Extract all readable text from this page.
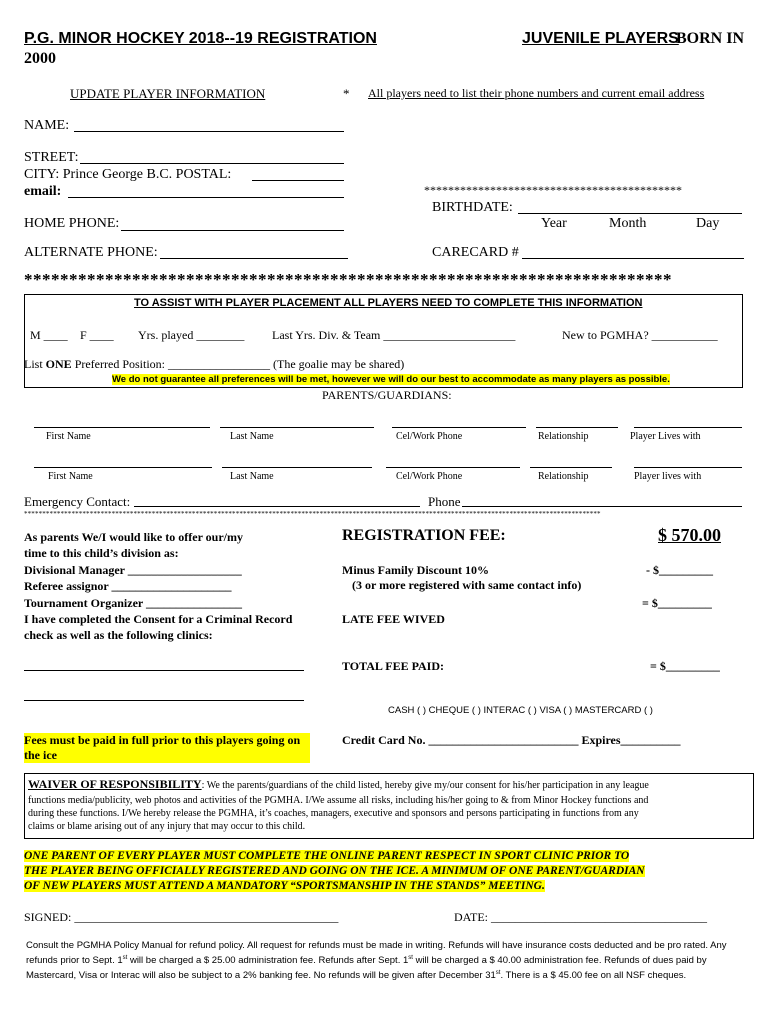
P.G. MINOR HOCKEY 2018--19 REGISTRATION	JUVENILE PLAYERS
BORN IN
2000
UPDATE PLAYER INFORMATION	* All players need to list their phone numbers and current email address
NAME:
STREET:
CITY: Prince George B.C. POSTAL:
email:	*******************************************
BIRTHDATE:
Year	Month	Day
HOME PHONE:
ALTERNATE PHONE:	CARECARD #
************************************************************************
TO ASSIST WITH PLAYER PLACEMENT ALL PLAYERS NEED TO COMPLETE THIS INFORMATION
M ____ F ____ Yrs. played ________ Last Yrs. Div. & Team ______________________	New to PGMHA? ___________
List ONE Preferred Position: _________________ (The goalie may be shared)
We do not guarantee all preferences will be met, however we will do our best to accommodate as many players as possible.
PARENTS/GUARDIANS:
First Name	Last Name	Cel/Work Phone	Relationship	Player Lives with
First Name	Last Name	Cel/Work Phone	Relationship	Player lives with
Emergency Contact:	Phone
**************************************************************************************************************************************************************
As parents We/I would like to offer our/my
time to this child’s division as:
Divisional Manager ___________________
Referee assignor ____________________
Tournament Organizer ________________
I have completed the Consent for a Criminal Record
check as well as the following clinics:
REGISTRATION FEE:	$ 570.00
Minus Family Discount 10%
(3 or more registered with same contact info)
- $_________
= $_________
LATE FEE WIVED
TOTAL FEE PAID:	= $_________
CASH ( ) CHEQUE ( ) INTERAC ( ) VISA ( ) MASTERCARD ( )
Fees must be paid in full prior to this players going on the ice
Credit Card No. _________________________ Expires__________
WAIVER OF RESPONSIBILITY: We the parents/guardians of the child listed, hereby give my/our consent for his/her participation in any league
functions media/publicity, web photos and activities of the PGMHA. I/We assume all risks, including his/her going to & from Minor Hockey functions and
during these functions. I/We hereby release the PGMHA, it’s coaches, managers, executive and sponsors and persons participating in functions from any
claims or blame arising out of any injury that may occur to this child.
ONE PARENT OF EVERY PLAYER MUST COMPLETE THE ONLINE PARENT RESPECT IN SPORT CLINIC PRIOR TO
THE PLAYER BEING OFFICIALLY REGISTERED AND GOING ON THE ICE. A MINIMUM OF ONE PARENT/GUARDIAN
OF NEW PLAYERS MUST ATTEND A MANDATORY “SPORTSMANSHIP IN THE STANDS” MEETING.
SIGNED: ____________________________________________	DATE: ____________________________________
Consult the PGMHA Policy Manual for refund policy. All request for refunds must be made in writing. Refunds will have insurance costs deducted and be pro rated. Any
refunds prior to Sept. 1st will be charged a $ 25.00 administration fee. Refunds after Sept. 1st will be charged a $ 40.00 administration fee. Refunds of dues paid by
Mastercard, Visa or Interac will also be subject to a 2% banking fee. No refunds will be given after December 31st. There is a $ 45.00 fee on all NSF cheques.
